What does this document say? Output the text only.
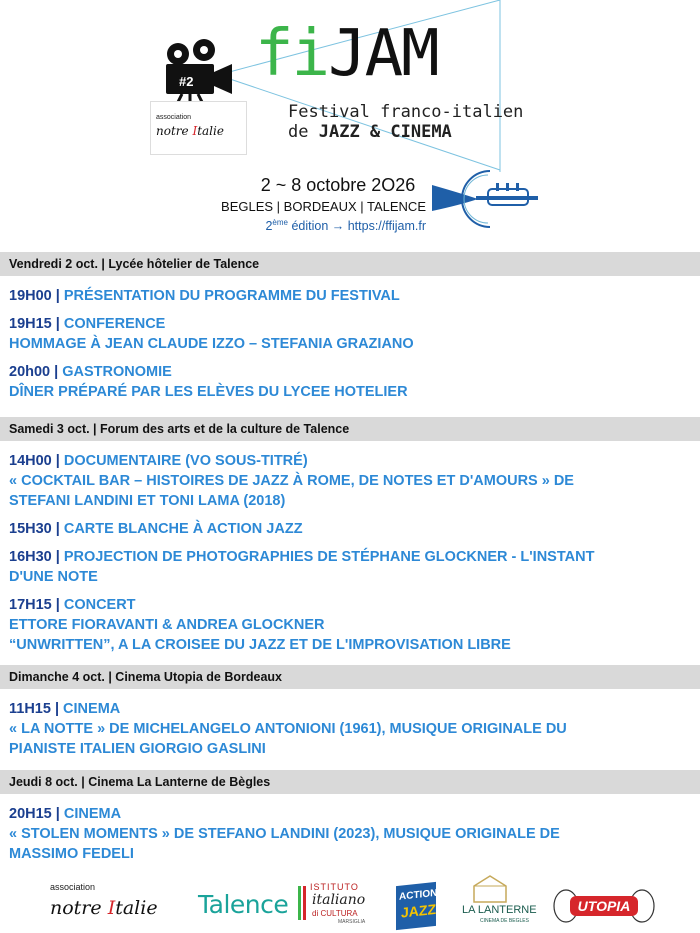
#2
association
notre Italie
fiJAM
Festival franco-italien
de JAZZ & CINEMA
2 ~ 8 octobre 2O26
BEGLES | BORDEAUX | TALENCE
2ème édition → https://ffijam.fr
Vendredi 2 oct. | Lycée hôtelier de Talence
19H00 | PRÉSENTATION DU PROGRAMME DU FESTIVAL
19H15 | CONFERENCE
HOMMAGE À JEAN CLAUDE IZZO – STEFANIA GRAZIANO
20h00 | GASTRONOMIE
DÎNER PRÉPARÉ PAR LES ELÈVES DU LYCEE HOTELIER
Samedi 3 oct. | Forum des arts et de la culture de Talence
14H00 | DOCUMENTAIRE (VO SOUS-TITRÉ)
« COCKTAIL BAR – HISTOIRES DE JAZZ À ROME, DE NOTES ET D'AMOURS » DE
STEFANI LANDINI ET TONI LAMA (2018)
15H30 | CARTE BLANCHE À ACTION JAZZ
16H30 | PROJECTION DE PHOTOGRAPHIES DE STÉPHANE GLOCKNER - L'INSTANT
D'UNE NOTE
17H15 | CONCERT
ETTORE FIORAVANTI & ANDREA GLOCKNER
“UNWRITTEN”, A LA CROISEE DU JAZZ ET DE L'IMPROVISATION LIBRE
Dimanche 4 oct. | Cinema Utopia de Bordeaux
11H15 | CINEMA
« LA NOTTE » DE MICHELANGELO ANTONIONI (1961), MUSIQUE ORIGINALE DU
PIANISTE ITALIEN GIORGIO GASLINI
Jeudi 8 oct. | Cinema La Lanterne de Bègles
20H15 | CINEMA
« STOLEN MOMENTS » DE STEFANO LANDINI (2023), MUSIQUE ORIGINALE DE
MASSIMO FEDELI
association
notre Italie Talence
ISTITUTO
italiano
di CULTURA
MARSIGLIA
ACTION
JAZZ LA LANTERNE
CINEMA DE BEGLES
UTOPIA
